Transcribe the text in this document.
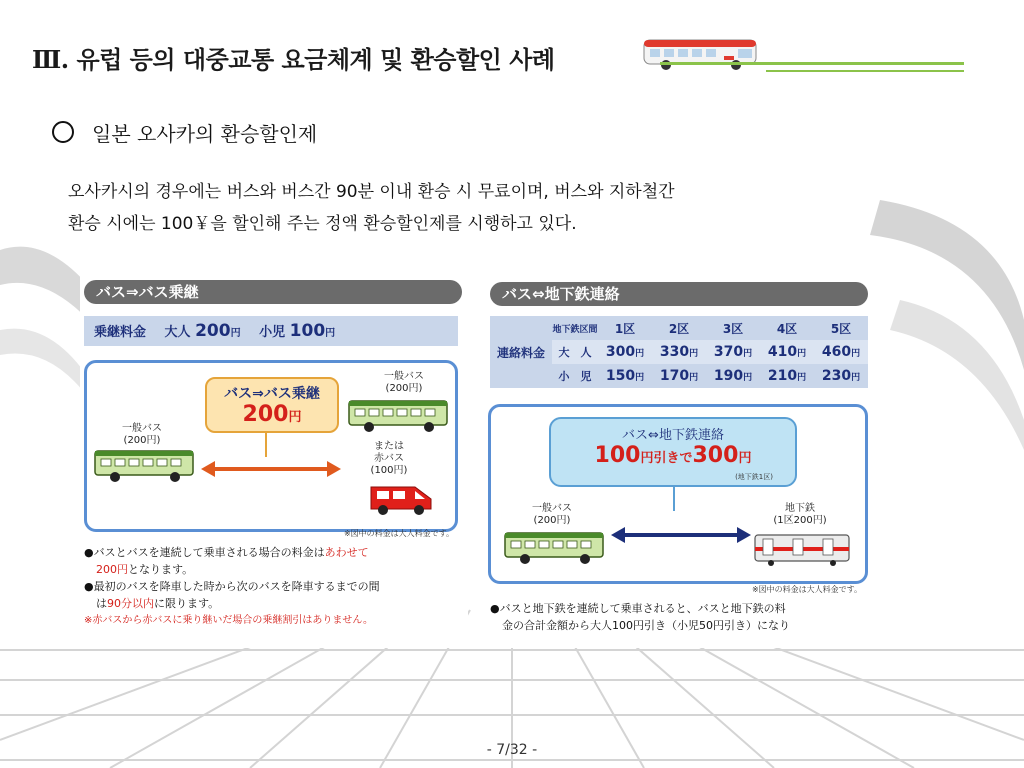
Ⅲ. 유럽 등의 대중교통 요금체계 및 환승할인 사례
일본 오사카의 환승할인제
오사카시의 경우에는 버스와 버스간 90분 이내 환승 시 무료이며, 버스와 지하철간
환승 시에는 100￥을 할인해 주는 정액 환승할인제를 시행하고 있다.
バス⇒バス乗継
乗継料金 大人 200円 小児 100円
バス⇒バス乗継
200円
一般バス
(200円)
一般バス
(200円)
または
赤バス
(100円)
※図中の料金は大人料金です。
●バスとバスを連続して乗車される場合の料金はあわせて
200円となります。
●最初のバスを降車した時から次のバスを降車するまでの間
は90分以内に限ります。
※赤バスから赤バスに乗り継いだ場合の乗継割引はありません。
バス⇔地下鉄連絡
連絡料金	地下鉄区間	1区	2区	3区	4区	5区
	大　人	300円	330円	370円	410円	460円
	小　児	150円	170円	190円	210円	230円
バス⇔地下鉄連絡
100円引きで300円
(地下鉄1区)
一般バス
(200円)
地下鉄
(1区200円)
※図中の料金は大人料金です。
●バスと地下鉄を連続して乗車されると、バスと地下鉄の料
金の合計金額から大人100円引き（小児50円引き）になり
- 7/32 -
